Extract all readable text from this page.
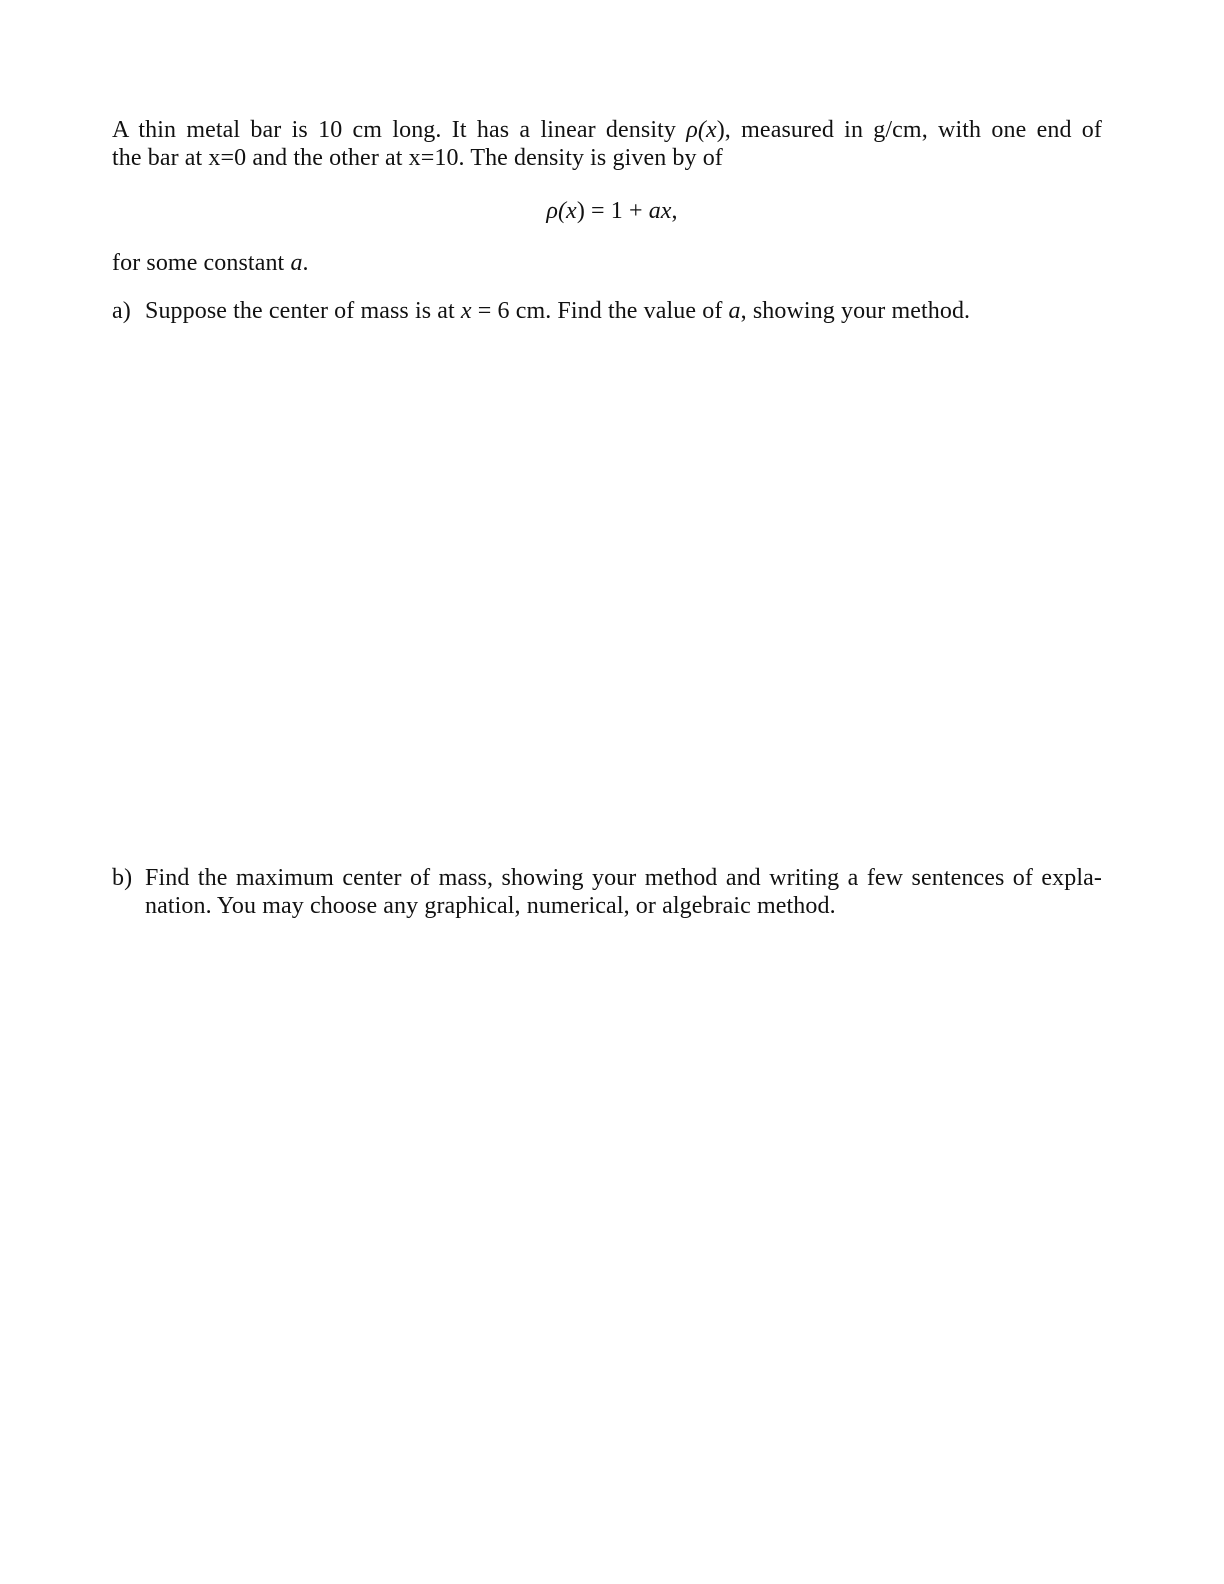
A thin metal bar is 10 cm long. It has a linear density ρ(x), measured in g/cm, with one end of
the bar at x=0 and the other at x=10. The density is given by of
ρ(x) = 1 + ax,
for some constant a.
a) Suppose the center of mass is at x = 6 cm. Find the value of a, showing your method.
b) Find the maximum center of mass, showing your method and writing a few sentences of expla-
nation. You may choose any graphical, numerical, or algebraic method.
